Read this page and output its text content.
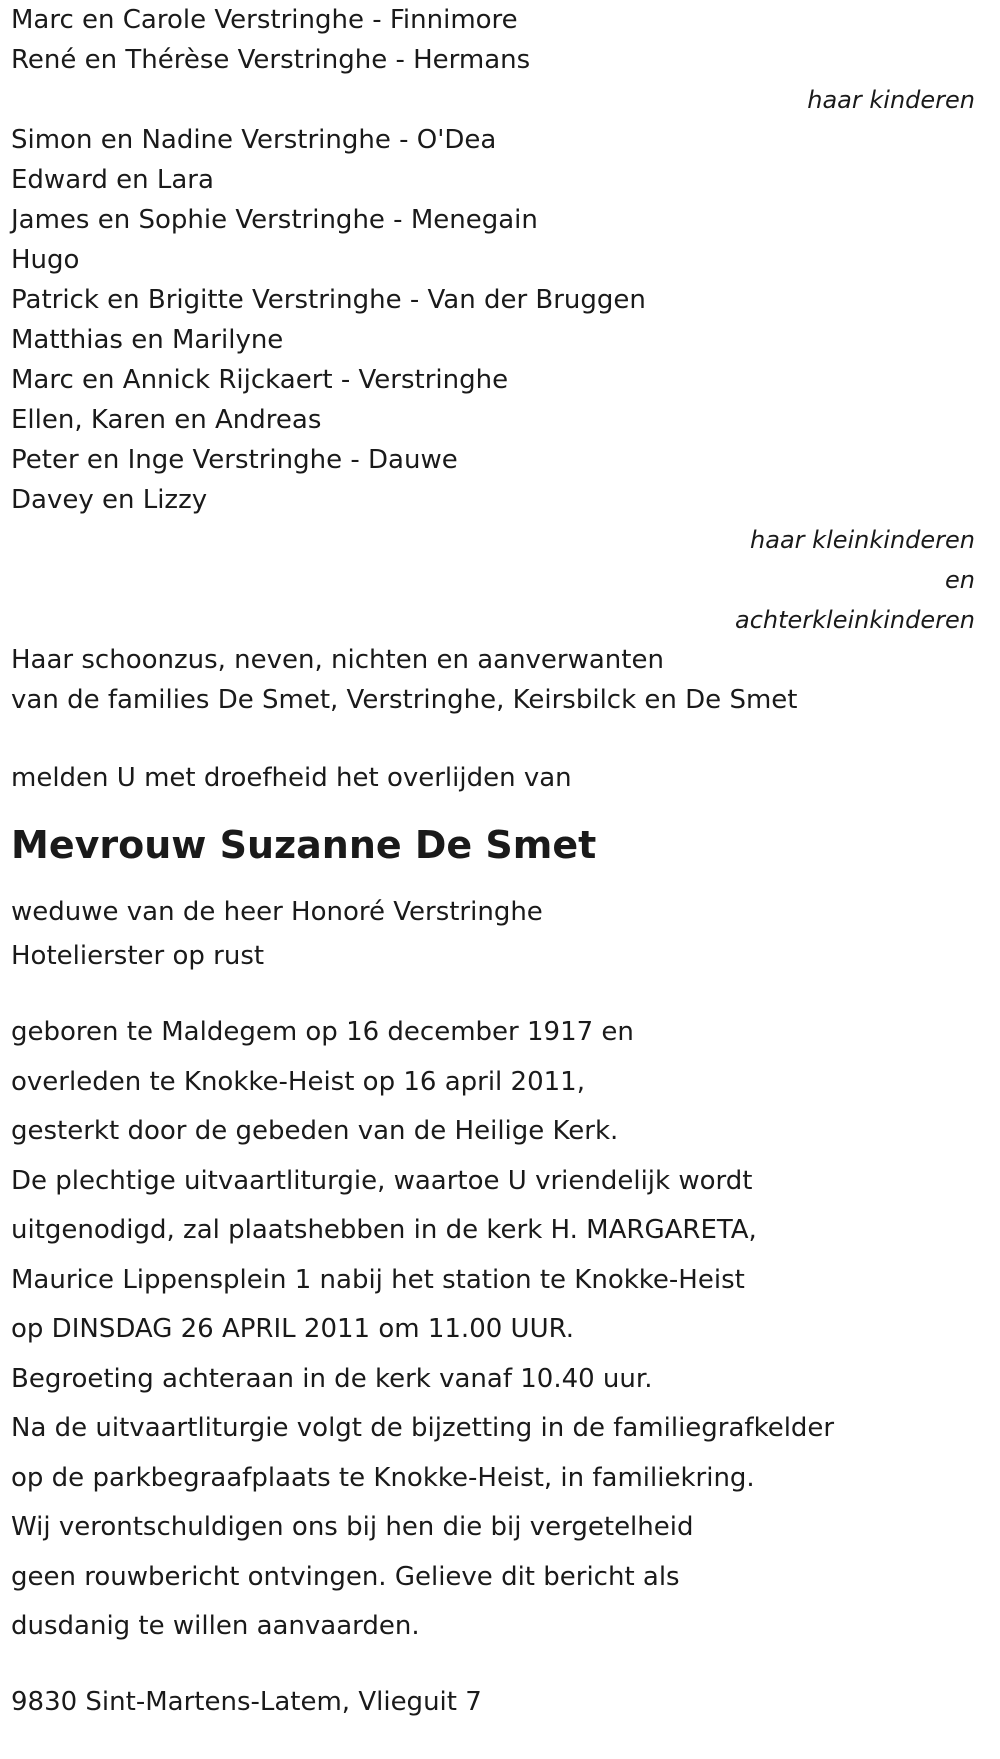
Marc en Carole Verstringhe - Finnimore
René en Thérèse Verstringhe - Hermans
haar kinderen
Simon en Nadine Verstringhe - O'Dea
Edward en Lara
James en Sophie Verstringhe - Menegain
Hugo
Patrick en Brigitte Verstringhe - Van der Bruggen
Matthias en Marilyne
Marc en Annick Rijckaert - Verstringhe
Ellen, Karen en Andreas
Peter en Inge Verstringhe - Dauwe
Davey en Lizzy
haar kleinkinderen
en
achterkleinkinderen
Haar schoonzus, neven, nichten en aanverwanten
van de families De Smet, Verstringhe, Keirsbilck en De Smet
melden U met droefheid het overlijden van
Mevrouw Suzanne De Smet
weduwe van de heer Honoré Verstringhe
Hotelierster op rust
geboren te Maldegem op 16 december 1917 en
overleden te Knokke-Heist op 16 april 2011,
gesterkt door de gebeden van de Heilige Kerk.
De plechtige uitvaartliturgie, waartoe U vriendelijk wordt
uitgenodigd, zal plaatshebben in de kerk H. MARGARETA,
Maurice Lippensplein 1 nabij het station te Knokke-Heist
op DINSDAG 26 APRIL 2011 om 11.00 UUR.
Begroeting achteraan in de kerk vanaf 10.40 uur.
Na de uitvaartliturgie volgt de bijzetting in de familiegrafkelder
op de parkbegraafplaats te Knokke-Heist, in familiekring.
Wij verontschuldigen ons bij hen die bij vergetelheid
geen rouwbericht ontvingen. Gelieve dit bericht als
dusdanig te willen aanvaarden.
9830 Sint-Martens-Latem, Vlieguit 7
